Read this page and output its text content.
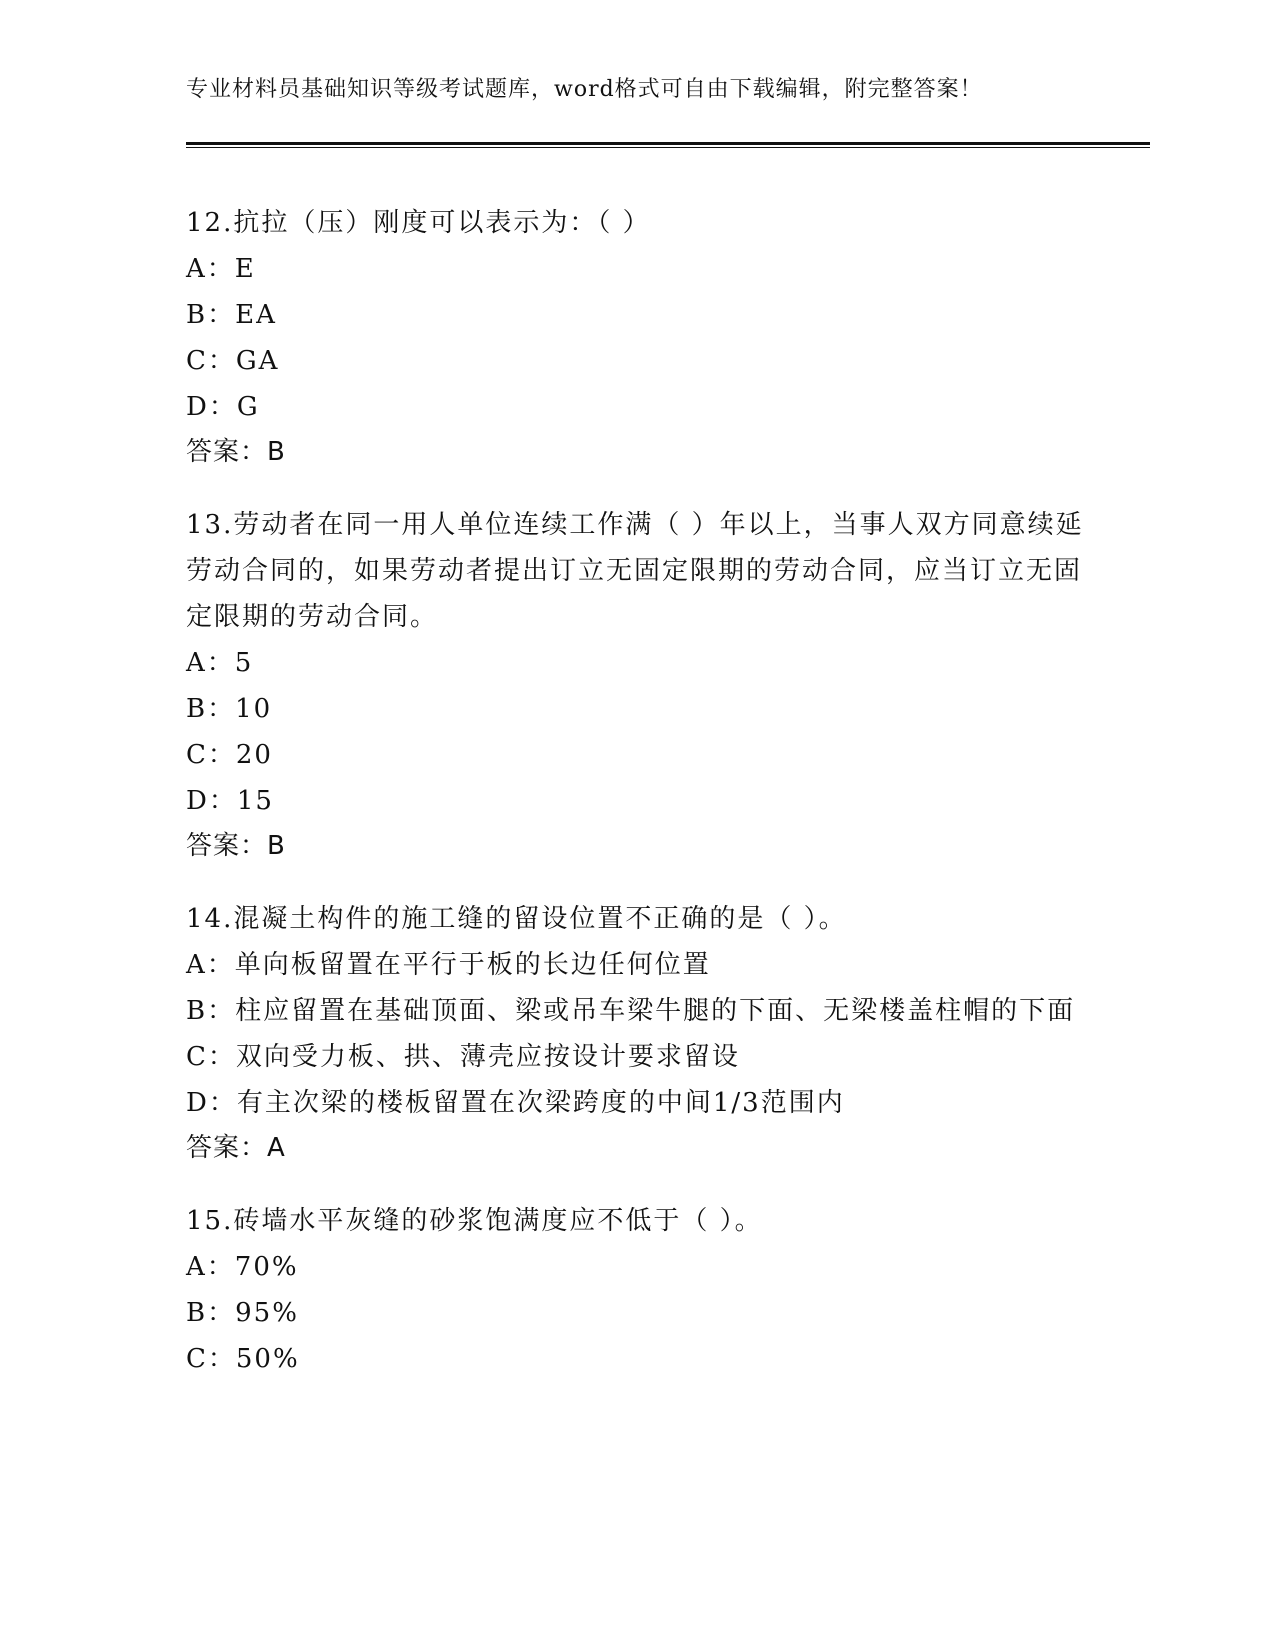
专业材料员基础知识等级考试题库，word格式可自由下载编辑，附完整答案！

12.抗拉（压）刚度可以表示为：（ ）

A：E

B：EA

C：GA

D：G

答案：B

13.劳动者在同一用人单位连续工作满（ ）年以上，当事人双方同意续延劳动合同的，如果劳动者提出订立无固定限期的劳动合同，应当订立无固定限期的劳动合同。

A：5

B：10

C：20

D：15

答案：B

14.混凝土构件的施工缝的留设位置不正确的是（ ）。

A：单向板留置在平行于板的长边任何位置

B：柱应留置在基础顶面、梁或吊车梁牛腿的下面、无梁楼盖柱帽的下面

C：双向受力板、拱、薄壳应按设计要求留设

D：有主次梁的楼板留置在次梁跨度的中间1/3范围内

答案：A

15.砖墙水平灰缝的砂浆饱满度应不低于（ ）。

A：70%

B：95%

C：50%
